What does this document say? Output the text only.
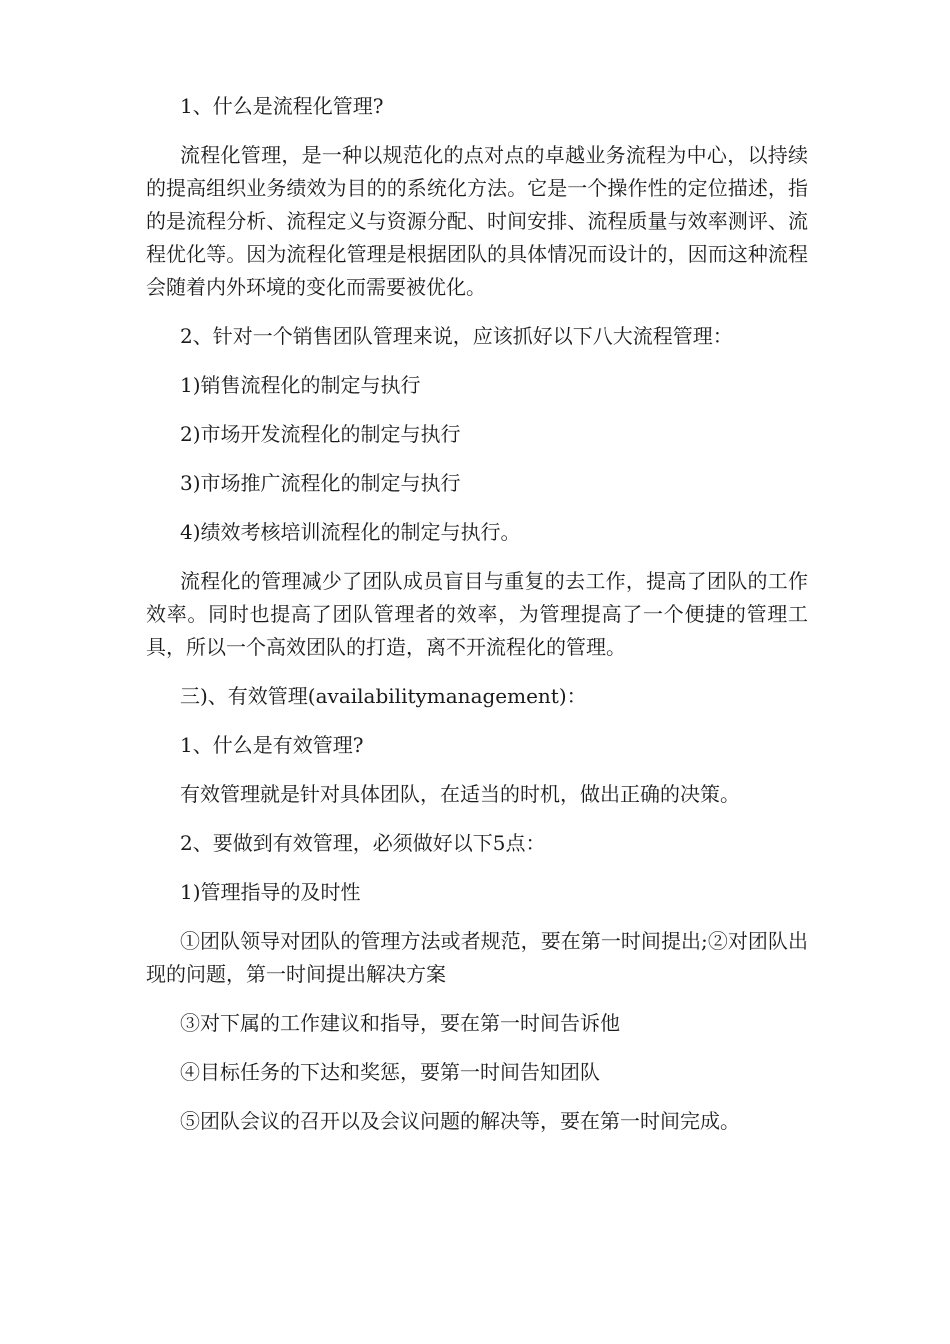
1、什么是流程化管理?

流程化管理，是一种以规范化的点对点的卓越业务流程为中心，以持续的提高组织业务绩效为目的的系统化方法。它是一个操作性的定位描述，指的是流程分析、流程定义与资源分配、时间安排、流程质量与效率测评、流程优化等。因为流程化管理是根据团队的具体情况而设计的，因而这种流程会随着内外环境的变化而需要被优化。

2、针对一个销售团队管理来说，应该抓好以下八大流程管理：

1)销售流程化的制定与执行

2)市场开发流程化的制定与执行

3)市场推广流程化的制定与执行

4)绩效考核培训流程化的制定与执行。

流程化的管理减少了团队成员盲目与重复的去工作，提高了团队的工作效率。同时也提高了团队管理者的效率，为管理提高了一个便捷的管理工具，所以一个高效团队的打造，离不开流程化的管理。

三)、有效管理(availabilitymanagement)：

1、什么是有效管理?

有效管理就是针对具体团队，在适当的时机，做出正确的决策。

2、要做到有效管理，必须做好以下5点：

1)管理指导的及时性

①团队领导对团队的管理方法或者规范，要在第一时间提出;②对团队出现的问题，第一时间提出解决方案

③对下属的工作建议和指导，要在第一时间告诉他

④目标任务的下达和奖惩，要第一时间告知团队

⑤团队会议的召开以及会议问题的解决等，要在第一时间完成。
